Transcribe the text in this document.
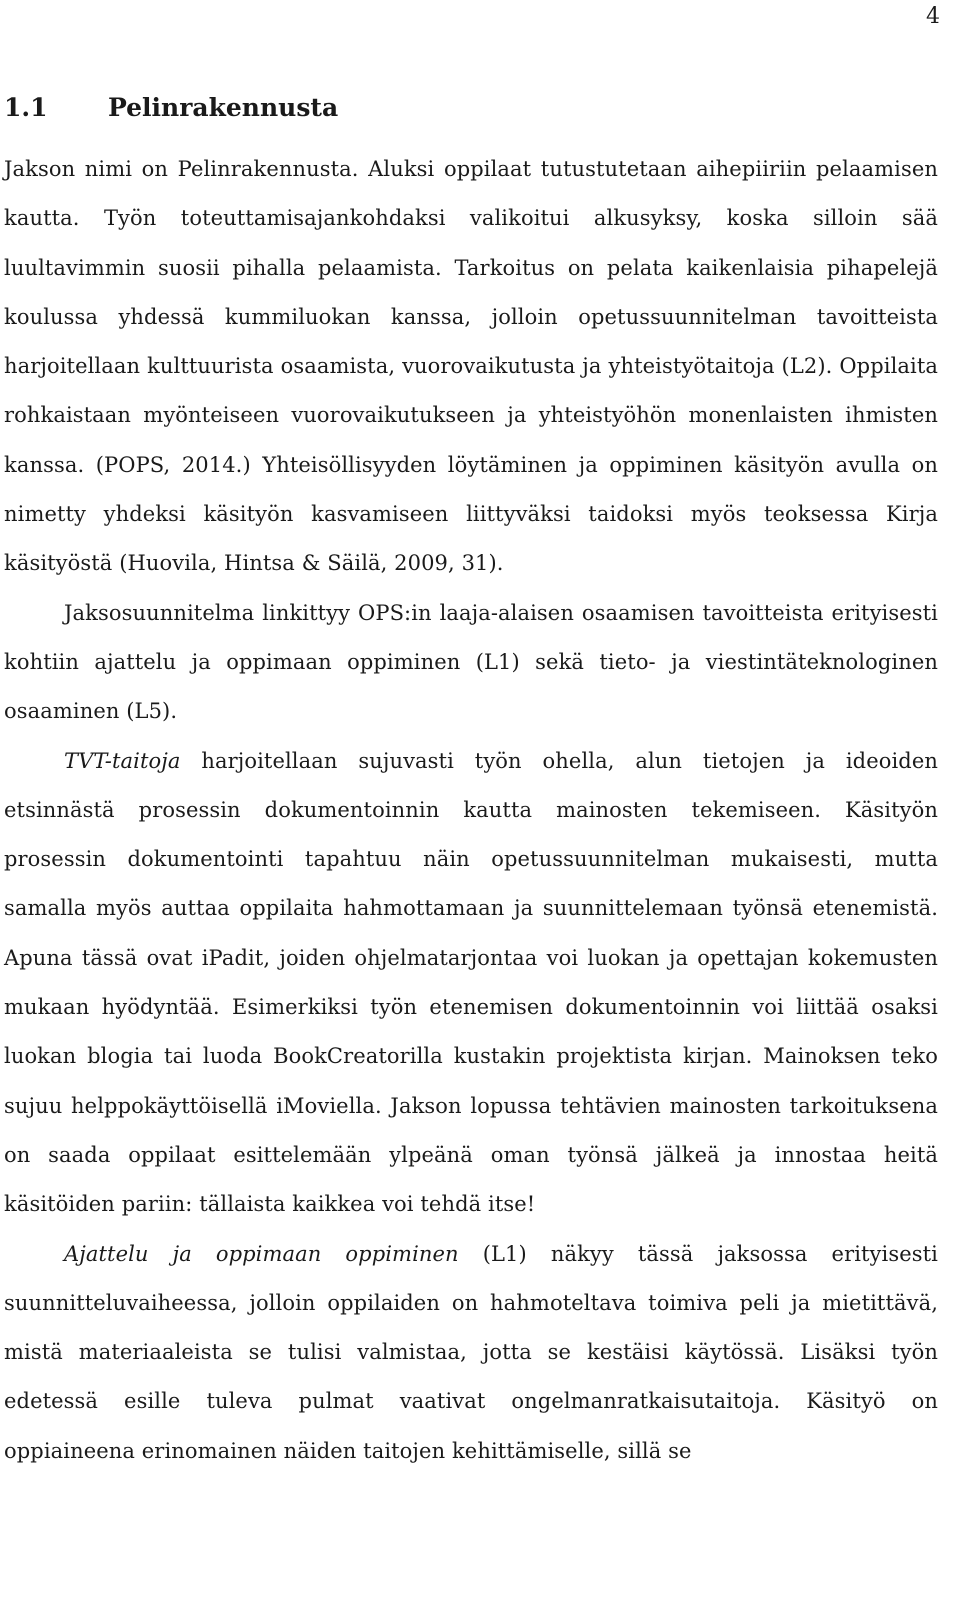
4
1.1 Pelinrakennusta

Jakson nimi on Pelinrakennusta. Aluksi oppilaat tutustutetaan aihepiiriin pelaamisen kautta. Työn toteuttamisajankohdaksi valikoitui alkusyksy, koska silloin sää luultavimmin suosii pihalla pelaamista. Tarkoitus on pelata kaikenlaisia pihapelejä koulussa yhdessä kummiluokan kanssa, jolloin opetussuunnitelman tavoitteista harjoitellaan kulttuurista osaamista, vuorovaikutusta ja yhteistyötaitoja (L2). Oppilaita rohkaistaan myönteiseen vuorovaikutukseen ja yhteistyöhön monenlaisten ihmisten kanssa. (POPS, 2014.) Yhteisöllisyyden löytäminen ja oppiminen käsityön avulla on nimetty yhdeksi käsityön kasvamiseen liittyväksi taidoksi myös teoksessa Kirja käsityöstä (Huovila, Hintsa & Säilä, 2009, 31).

Jaksosuunnitelma linkittyy OPS:in laaja-alaisen osaamisen tavoitteista erityisesti kohtiin ajattelu ja oppimaan oppiminen (L1) sekä tieto- ja viestintäteknologinen osaaminen (L5).

TVT-taitoja harjoitellaan sujuvasti työn ohella, alun tietojen ja ideoiden etsinnästä prosessin dokumentoinnin kautta mainosten tekemiseen. Käsityön prosessin dokumentointi tapahtuu näin opetussuunnitelman mukaisesti, mutta samalla myös auttaa oppilaita hahmottamaan ja suunnittelemaan työnsä etenemistä. Apuna tässä ovat iPadit, joiden ohjelmatarjontaa voi luokan ja opettajan kokemusten mukaan hyödyntää. Esimerkiksi työn etenemisen dokumentoinnin voi liittää osaksi luokan blogia tai luoda BookCreatorilla kustakin projektista kirjan. Mainoksen teko sujuu helppokäyttöisellä iMoviella. Jakson lopussa tehtävien mainosten tarkoituksena on saada oppilaat esittelemään ylpeänä oman työnsä jälkeä ja innostaa heitä käsitöiden pariin: tällaista kaikkea voi tehdä itse!

Ajattelu ja oppimaan oppiminen (L1) näkyy tässä jaksossa erityisesti suunnitteluvaiheessa, jolloin oppilaiden on hahmoteltava toimiva peli ja mietittävä, mistä materiaaleista se tulisi valmistaa, jotta se kestäisi käytössä. Lisäksi työn edetessä esille tuleva pulmat vaativat ongelmanratkaisutaitoja. Käsityö on oppiaineena erinomainen näiden taitojen kehittämiselle, sillä se
